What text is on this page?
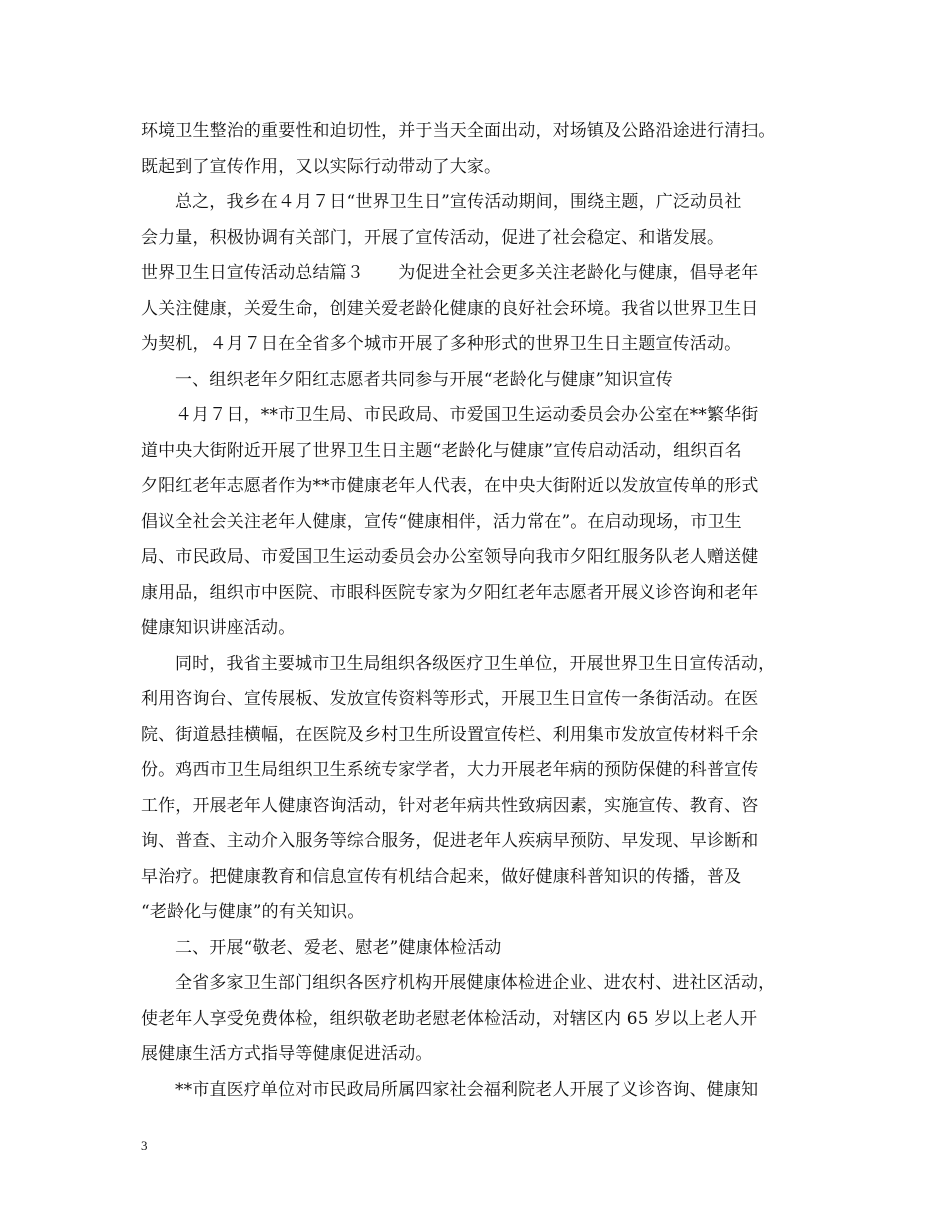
环境卫生整治的重要性和迫切性，并于当天全面出动，对场镇及公路沿途进行清扫。
既起到了宣传作用，又以实际行动带动了大家。
总之，我乡在４月７日“世界卫生日”宣传活动期间，围绕主题，广泛动员社
会力量，积极协调有关部门，开展了宣传活动，促进了社会稳定、和谐发展。
世界卫生日宣传活动总结篇３　　为促进全社会更多关注老龄化与健康，倡导老年
人关注健康，关爱生命，创建关爱老龄化健康的良好社会环境。我省以世界卫生日
为契机，４月７日在全省多个城市开展了多种形式的世界卫生日主题宣传活动。
一、组织老年夕阳红志愿者共同参与开展“老龄化与健康”知识宣传
４月７日，**市卫生局、市民政局、市爱国卫生运动委员会办公室在**繁华街
道中央大街附近开展了世界卫生日主题“老龄化与健康”宣传启动活动，组织百名
夕阳红老年志愿者作为**市健康老年人代表，在中央大街附近以发放宣传单的形式
倡议全社会关注老年人健康，宣传“健康相伴，活力常在”。在启动现场，市卫生
局、市民政局、市爱国卫生运动委员会办公室领导向我市夕阳红服务队老人赠送健
康用品，组织市中医院、市眼科医院专家为夕阳红老年志愿者开展义诊咨询和老年
健康知识讲座活动。
同时，我省主要城市卫生局组织各级医疗卫生单位，开展世界卫生日宣传活动，
利用咨询台、宣传展板、发放宣传资料等形式，开展卫生日宣传一条街活动。在医
院、街道悬挂横幅，在医院及乡村卫生所设置宣传栏、利用集市发放宣传材料千余
份。鸡西市卫生局组织卫生系统专家学者，大力开展老年病的预防保健的科普宣传
工作，开展老年人健康咨询活动，针对老年病共性致病因素，实施宣传、教育、咨
询、普查、主动介入服务等综合服务，促进老年人疾病早预防、早发现、早诊断和
早治疗。把健康教育和信息宣传有机结合起来，做好健康科普知识的传播，普及
“老龄化与健康”的有关知识。
二、开展“敬老、爱老、慰老”健康体检活动
全省多家卫生部门组织各医疗机构开展健康体检进企业、进农村、进社区活动，
使老年人享受免费体检，组织敬老助老慰老体检活动，对辖区内 65 岁以上老人开
展健康生活方式指导等健康促进活动。
**市直医疗单位对市民政局所属四家社会福利院老人开展了义诊咨询、健康知
3
